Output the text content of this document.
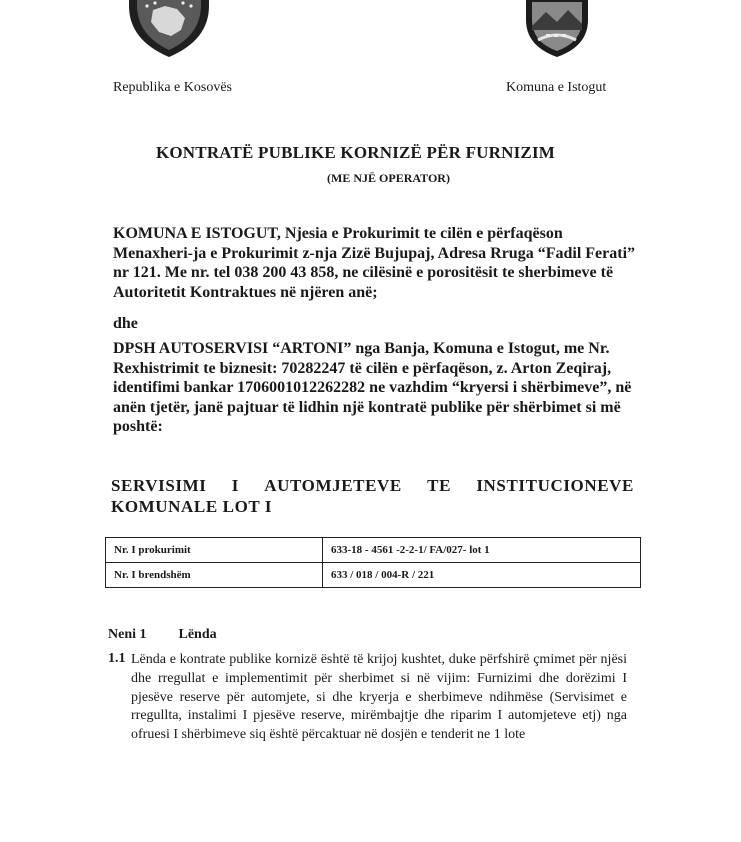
Republika e Kosovës	Komuna e Istogut
KONTRATË PUBLIKE KORNIZË PËR FURNIZIM
(ME NJË OPERATOR)
KOMUNA E ISTOGUT, Njesia e Prokurimit te cilën e përfaqëson Menaxheri-ja e Prokurimit z-nja Zizë Bujupaj, Adresa Rruga “Fadil Ferati” nr 121. Me nr. tel 038 200 43 858, ne cilësinë e porositësit te sherbimeve të Autoritetit Kontraktues në njëren anë;
dhe
DPSH AUTOSERVISI “ARTONI” nga Banja, Komuna e Istogut, me Nr. Rexhistrimit te biznesit: 70282247 të cilën e përfaqëson, z. Arton Zeqiraj, identifimi bankar 1706001012262282 ne vazhdim “kryersi i shërbimeve”, në anën tjetër, janë pajtuar të lidhin një kontratë publike për shërbimet si më poshtë:
SERVISIMI I AUTOMJETEVE TE INSTITUCIONEVE
KOMUNALE LOT I
Nr. I prokurimit	633-18 - 4561 -2-2-1/ FA/027- lot 1
Nr. I brendshëm	633 / 018 / 004-R / 221
Neni 1 Lënda
1.1 Lënda e kontrate publike kornizë është të krijoj kushtet, duke përfshirë çmimet për njësi dhe rregullat e implementimit për sherbimet si në vijim: Furnizimi dhe dorëzimi I pjesëve reserve për automjete, si dhe kryerja e sherbimeve ndihmëse (Servisimet e rregullta, instalimi I pjesëve reserve, mirëmbajtje dhe riparim I automjeteve etj) nga ofruesi I shërbimeve siq është përcaktuar në dosjën e tenderit ne 1 lote
